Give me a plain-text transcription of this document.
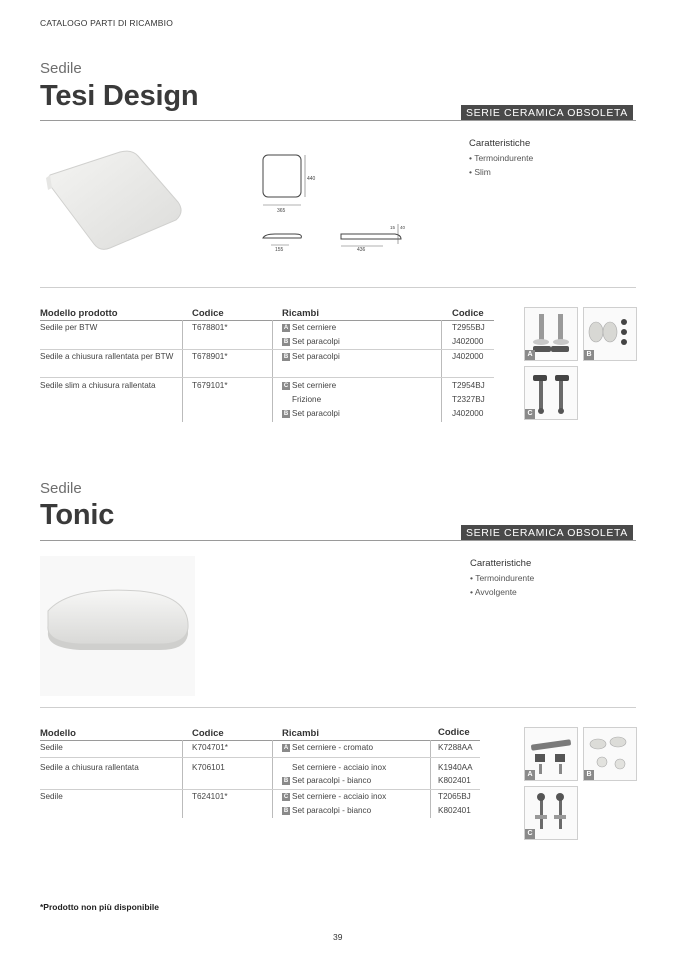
CATALOGO PARTI DI RICAMBIO
Sedile
Tesi Design
SERIE CERAMICA OBSOLETA
365
440
155	436
15 40
Caratteristiche
• Termoindurente
• Slim
Modello prodotto	Codice	Ricambi	Codice
Sedile per BTW	T678801*	A Set cerniere	T2955BJ
B Set paracolpi	J402000
Sedile a chiusura rallentata per BTW	T678901*	B Set paracolpi	J402000
Sedile slim a chiusura rallentata	T679101*	C Set cerniere	T2954BJ
Frizione	T2327BJ
B Set paracolpi	J402000
A	B
C
Sedile
Tonic
SERIE CERAMICA OBSOLETA
Caratteristiche
• Termoindurente
• Avvolgente
Modello	Codice	Ricambi	Codice
Sedile	K704701*	A Set cerniere - cromato	K7288AA
Sedile a chiusura rallentata	K706101	Set cerniere - acciaio inox	K1940AA
B Set paracolpi - bianco	K802401
Sedile	T624101*	C Set cerniere - acciaio inox	T2065BJ
B Set paracolpi - bianco	K802401
A	B
C
*Prodotto non più disponibile
39
